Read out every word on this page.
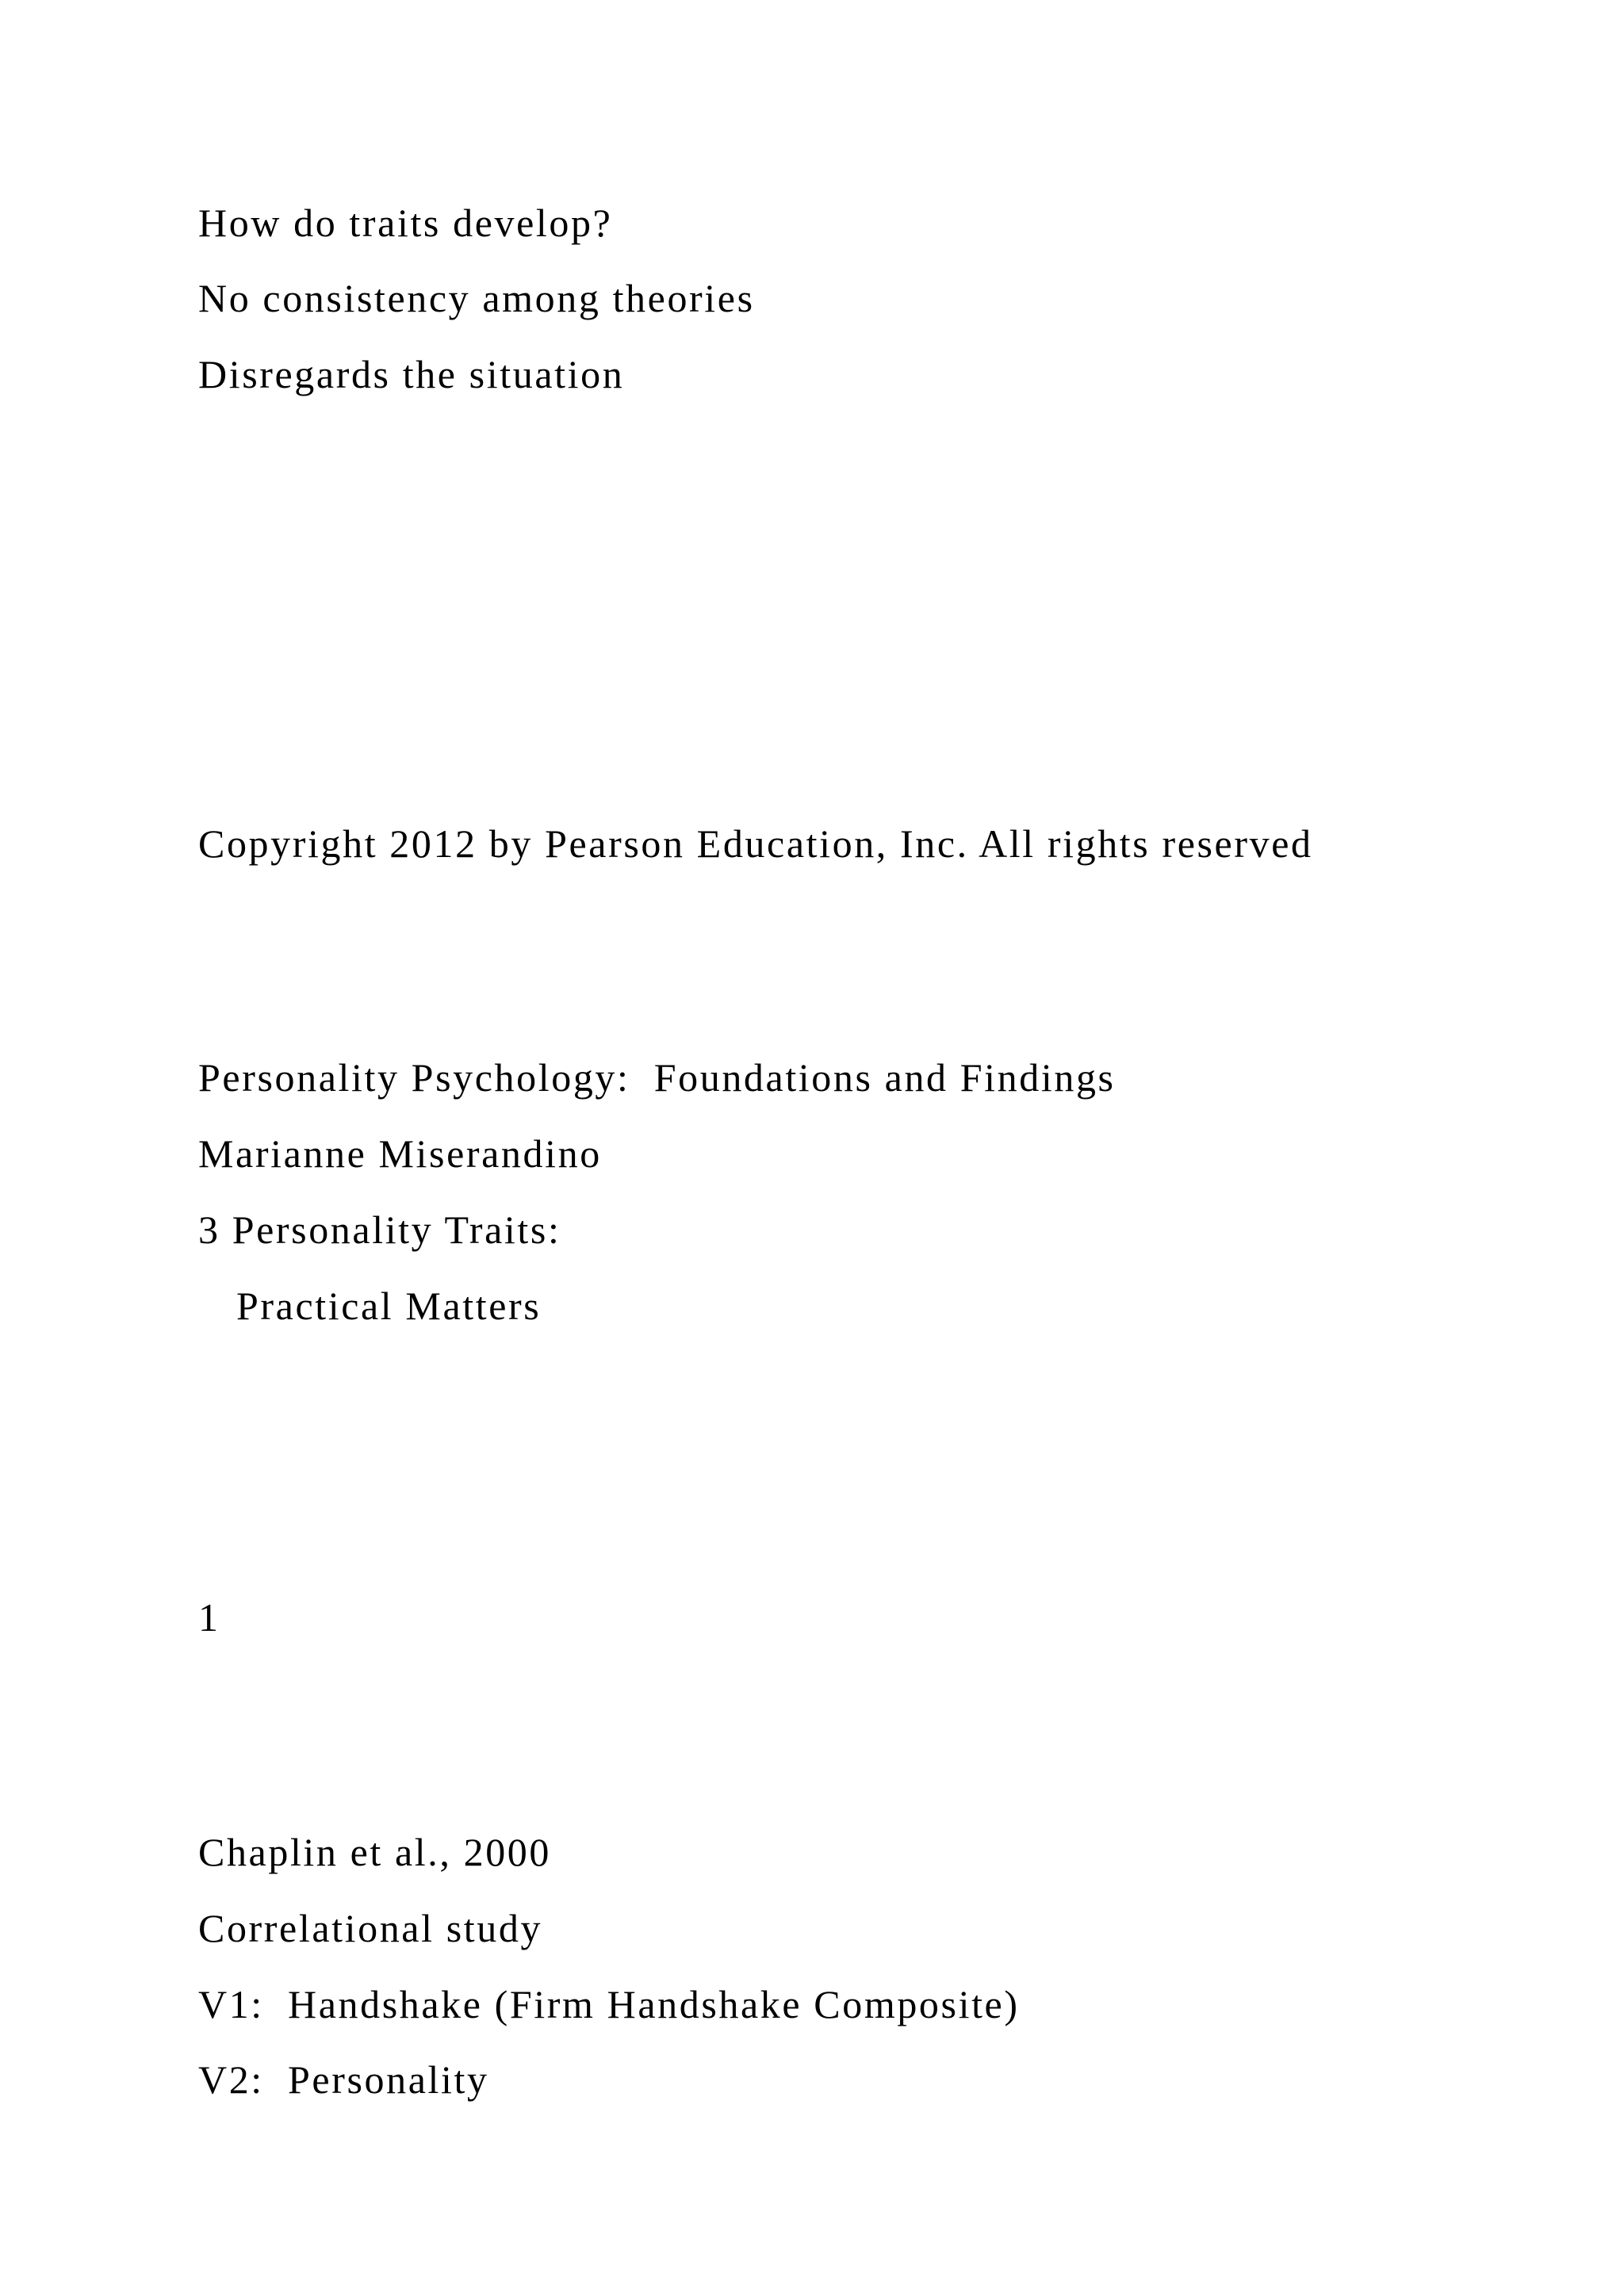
How do traits develop?

No consistency among theories

Disregards the situation

Copyright 2012 by Pearson Education, Inc. All rights reserved

Personality Psychology:  Foundations and Findings

Marianne Miserandino

3 Personality Traits:

Practical Matters

1

Chaplin et al., 2000

Correlational study

V1:  Handshake (Firm Handshake Composite)

V2:  Personality
